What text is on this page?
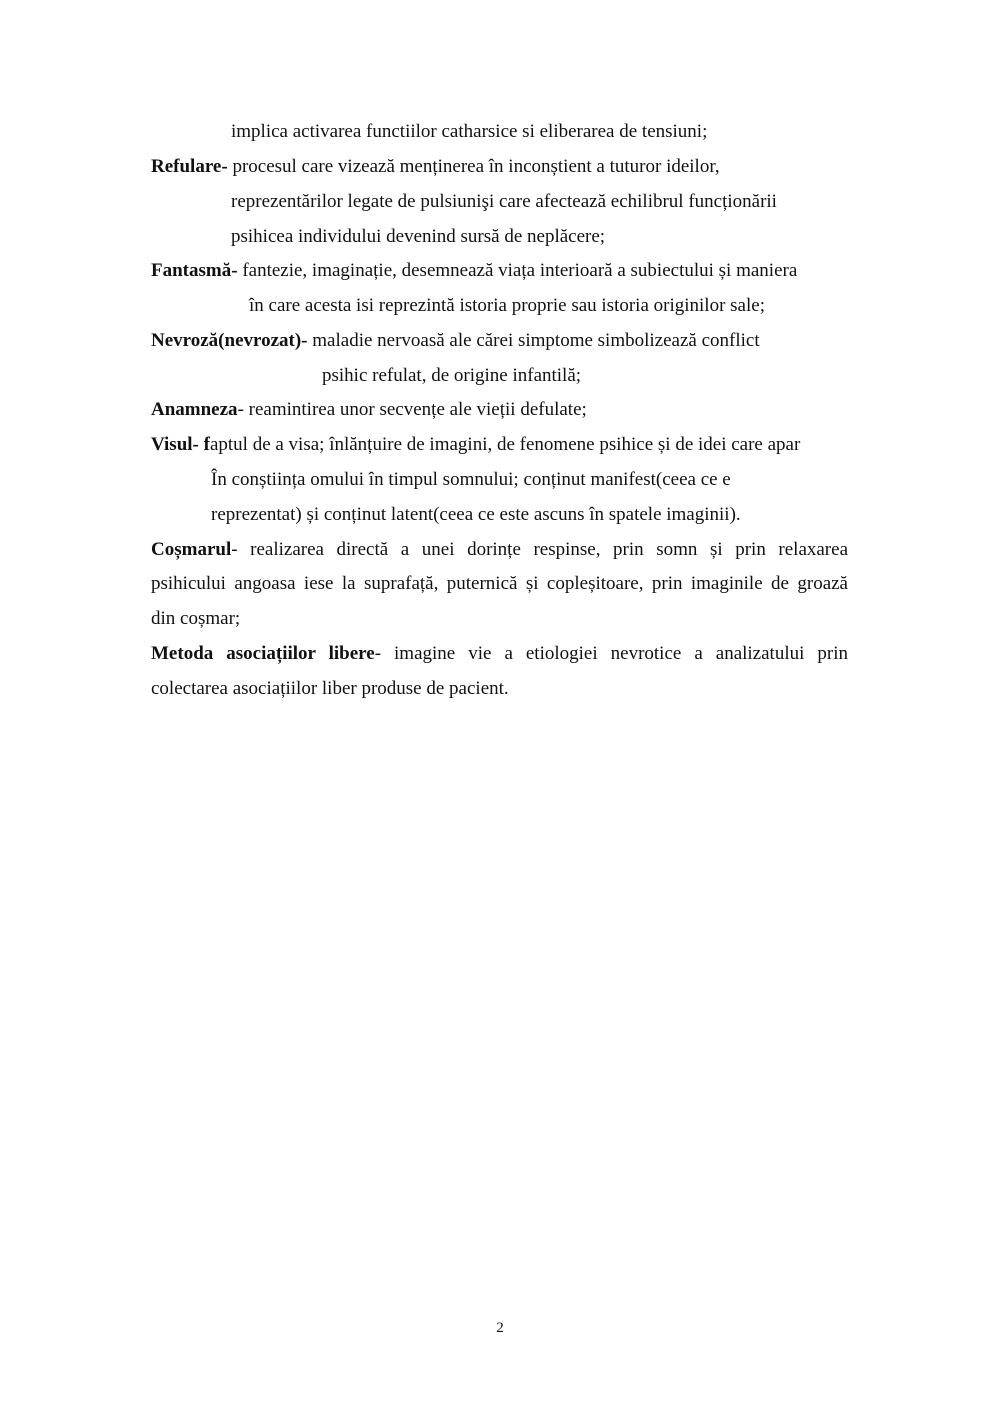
implica activarea functiilor catharsice si eliberarea de tensiuni;
Refulare- procesul care vizează menținerea în inconștient a tuturor ideilor,
reprezentărilor legate de pulsiunişi care afectează echilibrul funcționării
psihicea individului devenind sursă de neplăcere;
Fantasmă- fantezie, imaginație, desemnează viața interioară a subiectului și maniera
în care acesta isi reprezintă istoria proprie sau istoria originilor sale;
Nevroză(nevrozat)- maladie nervoasă ale cărei simptome simbolizează conflict
psihic refulat, de origine infantilă;
Anamneza- reamintirea unor secvențe ale vieții defulate;
Visul- faptul de a visa; înlănțuire de imagini, de fenomene psihice și de idei care apar
În conștiința omului în timpul somnului; conținut manifest(ceea ce e
reprezentat) și conținut latent(ceea ce este ascuns în spatele imaginii).
Coșmarul- realizarea directă a unei dorințe respinse, prin somn și prin relaxarea
psihicului angoasa iese la suprafață, puternică și copleșitoare, prin imaginile de groază
din coșmar;
Metoda asociațiilor libere- imagine vie a etiologiei nevrotice a analizatului prin
colectarea asociațiilor liber produse de pacient.
2
